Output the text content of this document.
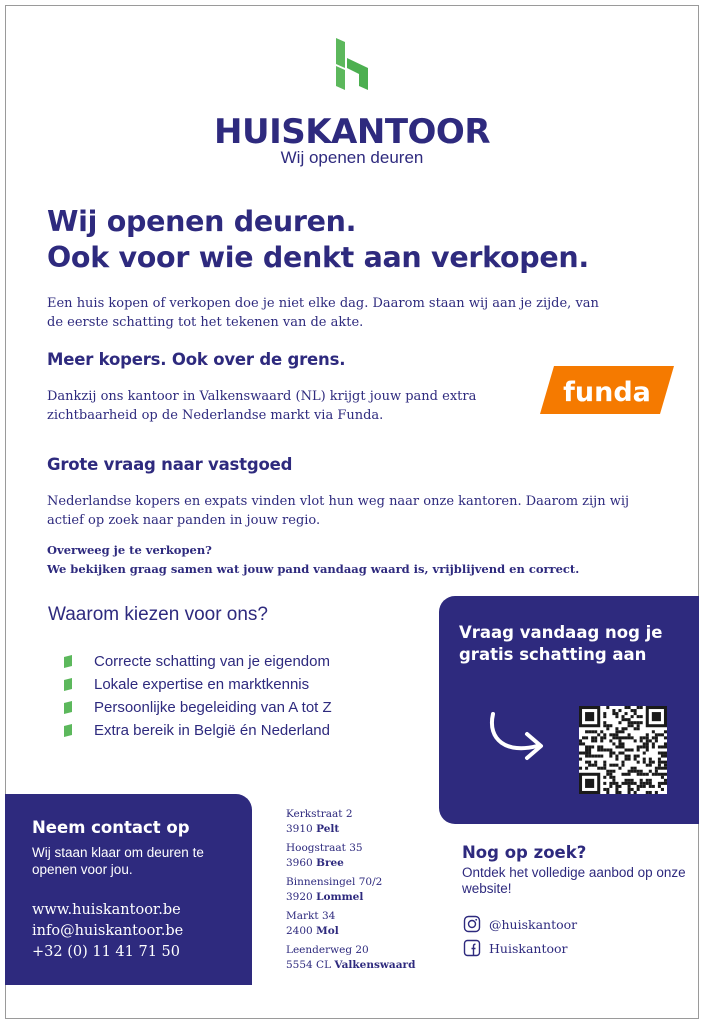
HUISKANTOOR
Wij openen deuren
Wij openen deuren.
Ook voor wie denkt aan verkopen.

Een huis kopen of verkopen doe je niet elke dag. Daarom staan wij aan je zijde, van de eerste schatting tot het tekenen van de akte.

Meer kopers. Ook over de grens.

Dankzij ons kantoor in Valkenswaard (NL) krijgt jouw pand extra zichtbaarheid op de Nederlandse markt via Funda.

funda
Grote vraag naar vastgoed

Nederlandse kopers en expats vinden vlot hun weg naar onze kantoren. Daarom zijn wij actief op zoek naar panden in jouw regio.

Overweeg je te verkopen?
We bekijken graag samen wat jouw pand vandaag waard is, vrijblijvend en correct.
Waarom kiezen voor ons?
Correcte schatting van je eigendom
Lokale expertise en marktkennis
Persoonlijke begeleiding van A tot Z
Extra bereik in België én Nederland
Vraag vandaag nog je gratis schatting aan
Neem contact op
Wij staan klaar om deuren te openen voor jou.
www.huiskantoor.be
info@huiskantoor.be
+32 (0) 11 41 71 50
Kerkstraat 2
3910 Pelt
Hoogstraat 35
3960 Bree
Binnensingel 70/2
3920 Lommel
Markt 34
2400 Mol
Leenderweg 20
5554 CL Valkenswaard
Nog op zoek?
Ontdek het volledige aanbod op onze website!
@huiskantoor
Huiskantoor
